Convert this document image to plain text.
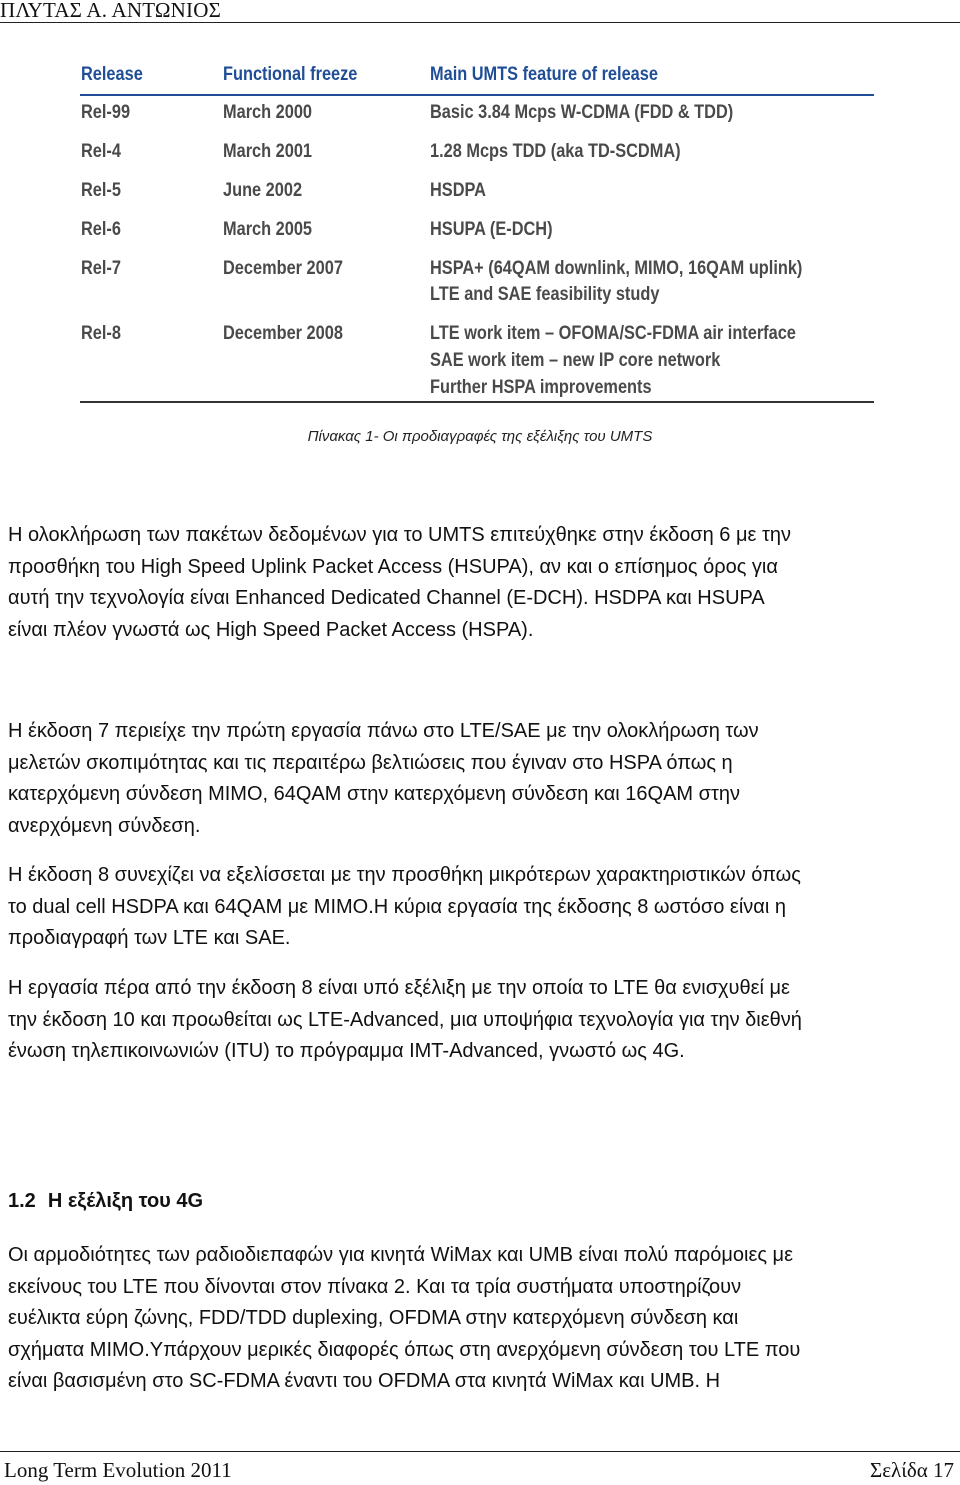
ΠΛΥΤΑΣ Α. ΑΝΤΩΝΙΟΣ
Release	Functional freeze	Main UMTS feature of release
Rel-99	March 2000	Basic 3.84 Mcps W-CDMA (FDD & TDD)
Rel-4	March 2001	1.28 Mcps TDD (aka TD-SCDMA)
Rel-5	June 2002	HSDPA
Rel-6	March 2005	HSUPA (E-DCH)
Rel-7	December 2007	HSPA+ (64QAM downlink, MIMO, 16QAM uplink)
LTE and SAE feasibility study
Rel-8	December 2008	LTE work item – OFOMA/SC-FDMA air interface
SAE work item – new IP core network
Further HSPA improvements
Πίνακας 1- Οι προδιαγραφές της εξέλιξης του UMTS
Η ολοκλήρωση των πακέτων δεδομένων για το UMTS επιτεύχθηκε στην έκδοση 6 με την
προσθήκη του High Speed Uplink Packet Access (HSUPA), αν και ο επίσημος όρος για
αυτή την τεχνολογία είναι Enhanced Dedicated Channel (E-DCH). HSDPA και HSUPA
είναι πλέον γνωστά ως High Speed Packet Access (HSPA).
Η έκδοση 7 περιείχε την πρώτη εργασία πάνω στο LTE/SAE με την ολοκλήρωση των
μελετών σκοπιμότητας και τις περαιτέρω βελτιώσεις που έγιναν στο HSPA όπως η
κατερχόμενη σύνδεση MIMO, 64QAM στην κατερχόμενη σύνδεση και 16QAM στην
ανερχόμενη σύνδεση.
Η έκδοση 8 συνεχίζει να εξελίσσεται με την προσθήκη μικρότερων χαρακτηριστικών όπως
το dual cell HSDPA και 64QAM με MIMO.Η κύρια εργασία της έκδοσης 8 ωστόσο είναι η
προδιαγραφή των LTE και SAE.
Η εργασία πέρα από την έκδοση 8 είναι υπό εξέλιξη με την οποία το LTE θα ενισχυθεί με
την έκδοση 10 και προωθείται ως LTE-Advanced, μια υποψήφια τεχνολογία για την διεθνή
ένωση τηλεπικοινωνιών (ITU) το πρόγραμμα IMT-Advanced, γνωστό ως 4G.
1.2 Η εξέλιξη του 4G
Οι αρμοδιότητες των ραδιοδιεπαφών για κινητά WiMax και UMB είναι πολύ παρόμοιες με
εκείνους του LTE που δίνονται στον πίνακα 2. Και τα τρία συστήματα υποστηρίζουν
ευέλικτα εύρη ζώνης, FDD/TDD duplexing, OFDMA στην κατερχόμενη σύνδεση και
σχήματα MIMO.Υπάρχουν μερικές διαφορές όπως στη ανερχόμενη σύνδεση του LTE που
είναι βασισμένη στο SC-FDMA έναντι του OFDMA στα κινητά WiMax και UMB. Η
Long Term Evolution 2011	Σελίδα 17
